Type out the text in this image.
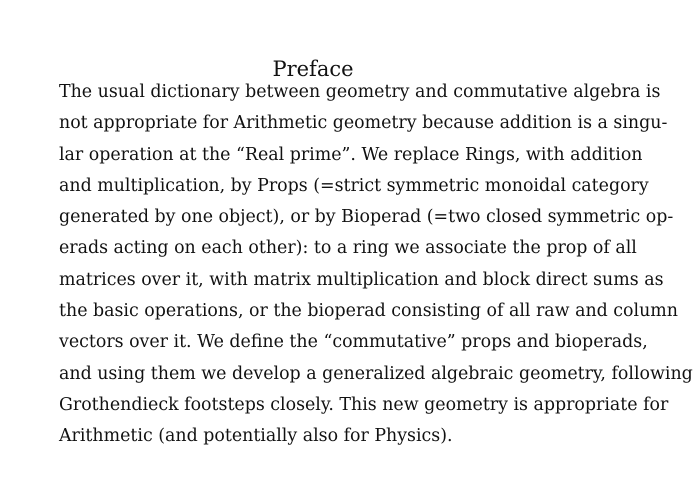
Preface
The usual dictionary between geometry and commutative algebra is
not appropriate for Arithmetic geometry because addition is a singu-
lar operation at the “Real prime”. We replace Rings, with addition
and multiplication, by Props (=strict symmetric monoidal category
generated by one object), or by Bioperad (=two closed symmetric op-
erads acting on each other): to a ring we associate the prop of all
matrices over it, with matrix multiplication and block direct sums as
the basic operations, or the bioperad consisting of all raw and column
vectors over it. We define the “commutative” props and bioperads,
and using them we develop a generalized algebraic geometry, following
Grothendieck footsteps closely. This new geometry is appropriate for
Arithmetic (and potentially also for Physics).
